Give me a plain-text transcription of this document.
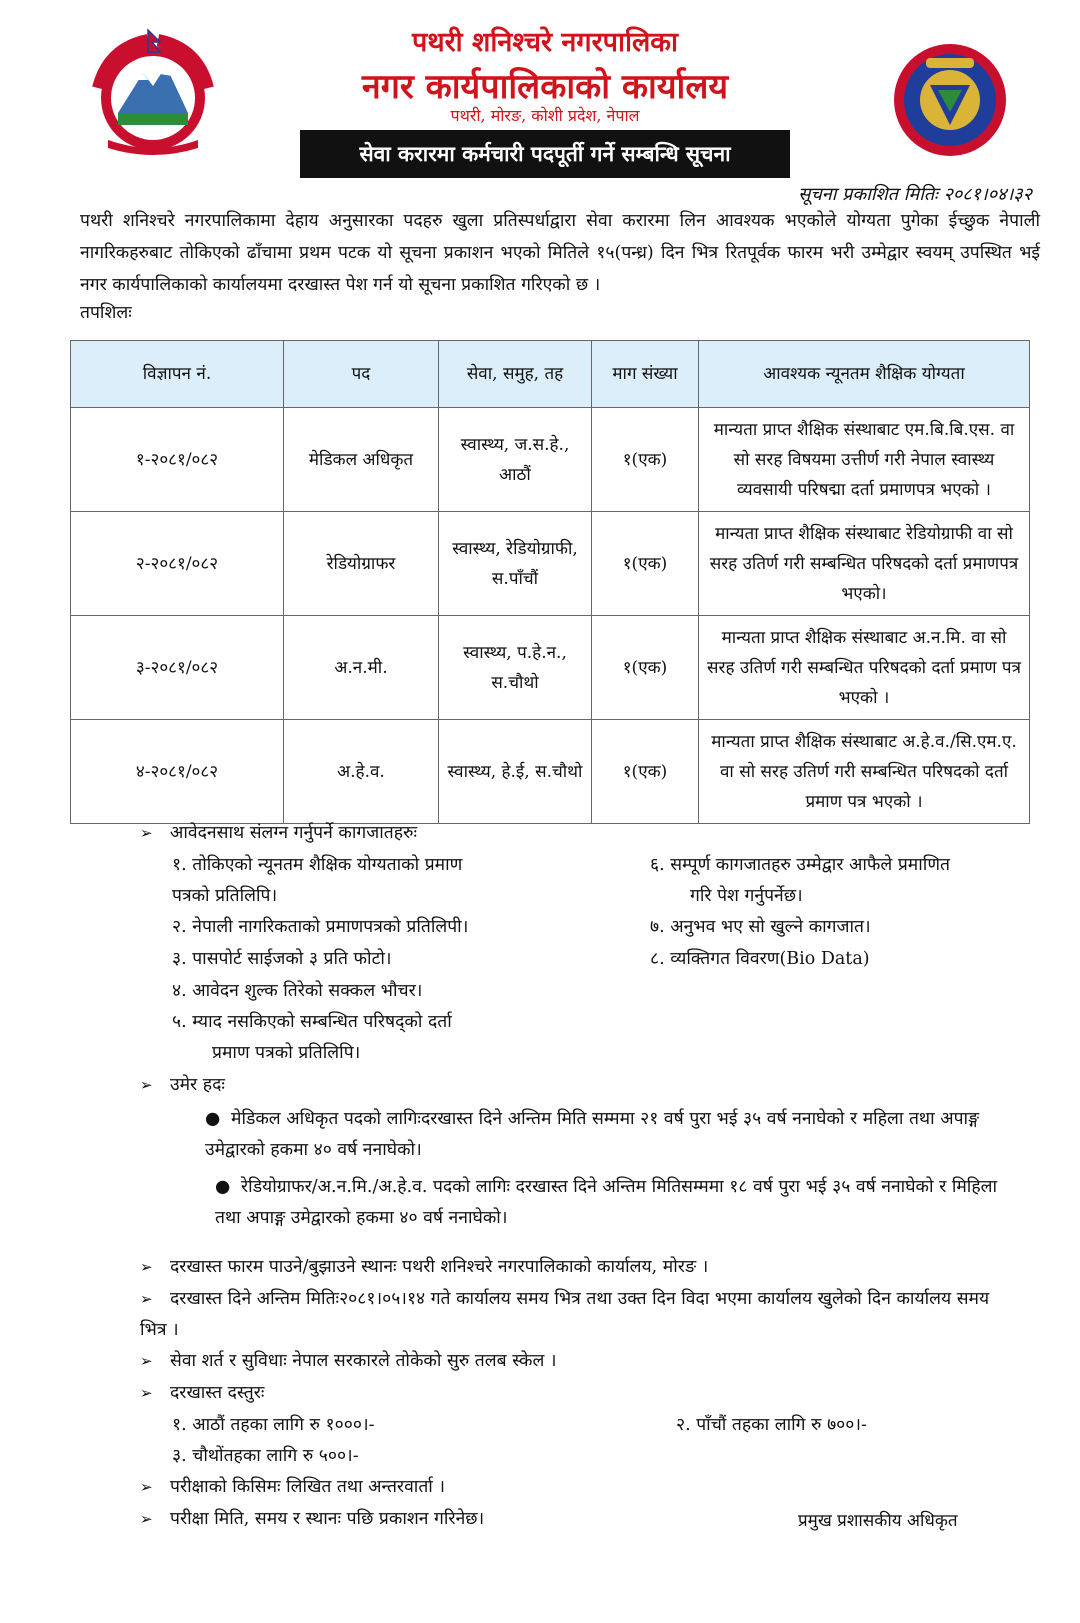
पथरी शनिश्चरे नगरपालिका
नगर कार्यपालिकाको कार्यालय
पथरी, मोरङ, कोशी प्रदेश, नेपाल
सेवा करारमा कर्मचारी पदपूर्ती गर्ने सम्बन्धि सूचना
सूचना प्रकाशित मितिः २०८१।०४।३२
पथरी शनिश्चरे नगरपालिकामा देहाय अनुसारका पदहरु खुला प्रतिस्पर्धाद्वारा सेवा करारमा लिन आवश्यक भएकोले योग्यता पुगेका ईच्छुक नेपाली नागरिकहरुबाट तोकिएको ढाँचामा प्रथम पटक यो सूचना प्रकाशन भएको मितिले १५(पन्ध्र) दिन भित्र रितपूर्वक फारम भरी उम्मेद्वार स्वयम् उपस्थित भई नगर कार्यपालिकाको कार्यालयमा दरखास्त पेश गर्न यो सूचना प्रकाशित गरिएको छ ।
तपशिलः
विज्ञापन नं.	पद	सेवा, समुह, तह	माग संख्या	आवश्यक न्यूनतम शैक्षिक योग्यता
१-२०८१/०८२	मेडिकल अधिकृत	स्वास्थ्य, ज.स.हे., आठौं	१(एक)	मान्यता प्राप्त शैक्षिक संस्थाबाट एम.बि.बि.एस. वा सो सरह विषयमा उत्तीर्ण गरी नेपाल स्वास्थ्य व्यवसायी परिषद्मा दर्ता प्रमाणपत्र भएको ।
२-२०८१/०८२	रेडियोग्राफर	स्वास्थ्य, रेडियोग्राफी, स.पाँचौं	१(एक)	मान्यता प्राप्त शैक्षिक संस्थाबाट रेडियोग्राफी वा सो सरह उतिर्ण गरी सम्बन्धित परिषदको दर्ता प्रमाणपत्र भएको।
३-२०८१/०८२	अ.न.मी.	स्वास्थ्य, प.हे.न., स.चौथो	१(एक)	मान्यता प्राप्त शैक्षिक संस्थाबाट अ.न.मि. वा सो सरह उतिर्ण गरी सम्बन्धित परिषदको दर्ता प्रमाण पत्र भएको ।
४-२०८१/०८२	अ.हे.व.	स्वास्थ्य, हे.ई, स.चौथो	१(एक)	मान्यता प्राप्त शैक्षिक संस्थाबाट अ.हे.व./सि.एम.ए. वा सो सरह उतिर्ण गरी सम्बन्धित परिषदको दर्ता प्रमाण पत्र भएको ।
➢ आवेदनसाथ संलग्न गर्नुपर्ने कागजातहरुः
१. तोकिएको न्यूनतम शैक्षिक योग्यताको प्रमाण
पत्रको प्रतिलिपि।
२. नेपाली नागरिकताको प्रमाणपत्रको प्रतिलिपी।
३. पासपोर्ट साईजको ३ प्रति फोटो।
४. आवेदन शुल्क तिरेको सक्कल भौचर।
५. म्याद नसकिएको सम्बन्धित परिषद्को दर्ता
प्रमाण पत्रको प्रतिलिपि।
६. सम्पूर्ण कागजातहरु उम्मेद्वार आफैले प्रमाणित
गरि पेश गर्नुपर्नेछ।
७. अनुभव भए सो खुल्ने कागजात।
८. व्यक्तिगत विवरण(Bio Data)
➢ उमेर हदः
● मेडिकल अधिकृत पदको लागिःदरखास्त दिने अन्तिम मिति सम्ममा २१ वर्ष पुरा भई ३५ वर्ष ननाघेको र महिला तथा अपाङ्ग उमेद्वारको हकमा ४० वर्ष ननाघेको।
● रेडियोग्राफर/अ.न.मि./अ.हे.व. पदको लागिः दरखास्त दिने अन्तिम मितिसम्ममा १८ वर्ष पुरा भई ३५ वर्ष ननाघेको र मिहिला तथा अपाङ्ग उमेद्वारको हकमा ४० वर्ष ननाघेको।
➢ दरखास्त फारम पाउने/बुझाउने स्थानः पथरी शनिश्चरे नगरपालिकाको कार्यालय, मोरङ ।
➢ दरखास्त दिने अन्तिम मितिः२०८१।०५।१४ गते कार्यालय समय भित्र तथा उक्त दिन विदा भएमा कार्यालय खुलेको दिन कार्यालय समय भित्र ।
➢ सेवा शर्त र सुविधाः नेपाल सरकारले तोकेको सुरु तलब स्केल ।
➢ दरखास्त दस्तुरः
१. आठौं तहका लागि रु १०००।-	२. पाँचौं तहका लागि रु ७००।-
३. चौथोंतहका लागि रु ५००।-
➢ परीक्षाको किसिमः लिखित तथा अन्तरवार्ता ।
➢ परीक्षा मिति, समय र स्थानः पछि प्रकाशन गरिनेछ।	प्रमुख प्रशासकीय अधिकृत
